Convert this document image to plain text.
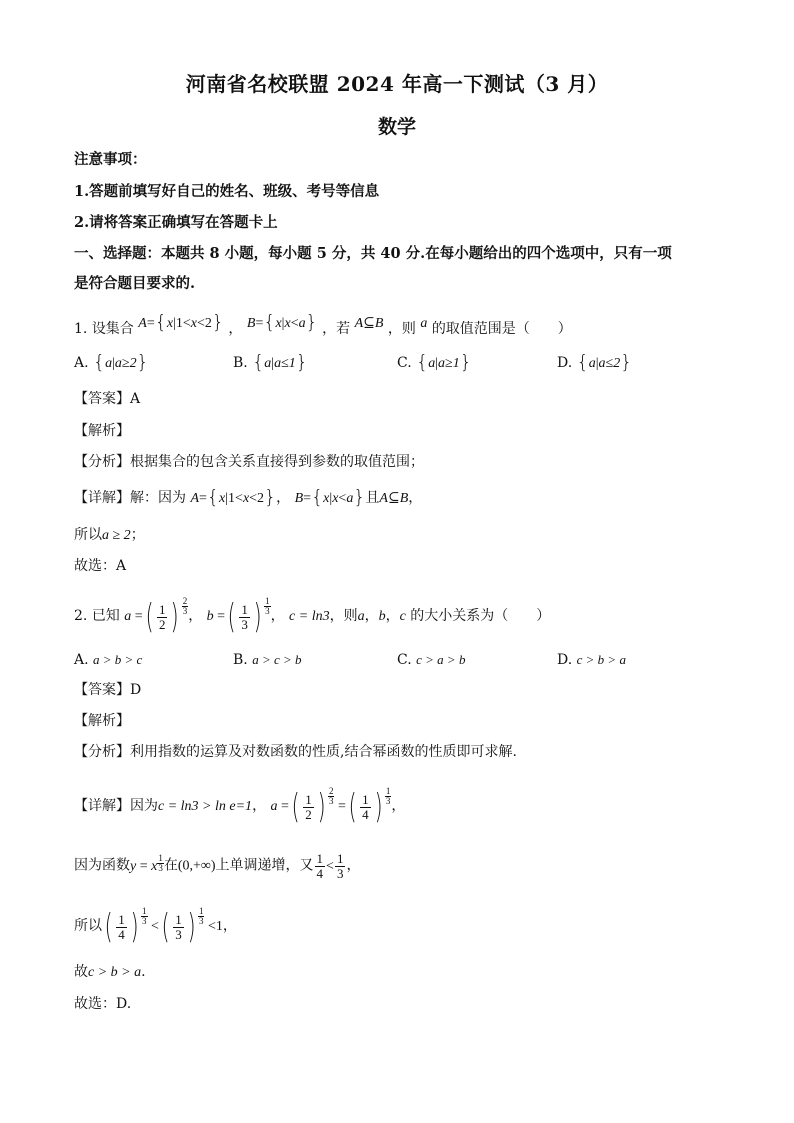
河南省名校联盟 2024 年高一下测试（3 月）
数学
注意事项：
1.答题前填写好自己的姓名、班级、考号等信息
2.请将答案正确填写在答题卡上
一、选择题：本题共 8 小题，每小题 5 分，共 40 分.在每小题给出的四个选项中，只有一项
是符合题目要求的.
1. 设集合 A={x|1<x<2} ， B={x|x<a} ，若 A⊆B ，则 a 的取值范围是（　　）
A. {a|a≥2}	B. {a|a≤1}	C. {a|a≥1}	D. {a|a≤2}
【答案】A
【解析】
【分析】根据集合的包含关系直接得到参数的取值范围；
【详解】解：因为 A={x|1<x<2}， B={x|x<a}且A⊆B，
所以a ≥ 2；
故选：A
2. 已知 a =( $\frac{1}{2}$ ) $\frac{2}{3}$ ， b =( $\frac{1}{3}$ ) $\frac{1}{3}$ ， c = ln3，则a，b，c 的大小关系为（　　）
A. a > b > c	B. a > c > b	C. c > a > b	D. c > b > a
【答案】D
【解析】
【分析】利用指数的运算及对数函数的性质,结合幂函数的性质即可求解.
【详解】因为c = ln3 > ln e=1， a =( $\frac{1}{2}$ ) $\frac{2}{3}$
=( $\frac{1}{4}$ ) $\frac{1}{3}$ ，
因为函数y = x $\frac{1}{3}$ 在(0,+∞)上单调递增，又 $\frac{1}{4} < \frac{1}{3}$ ，
所以( $\frac{1}{4}$ ) $\frac{1}{3}$
<( $\frac{1}{3}$ ) $\frac{1}{3}$
<1，
故c > b > a.
故选：D.
